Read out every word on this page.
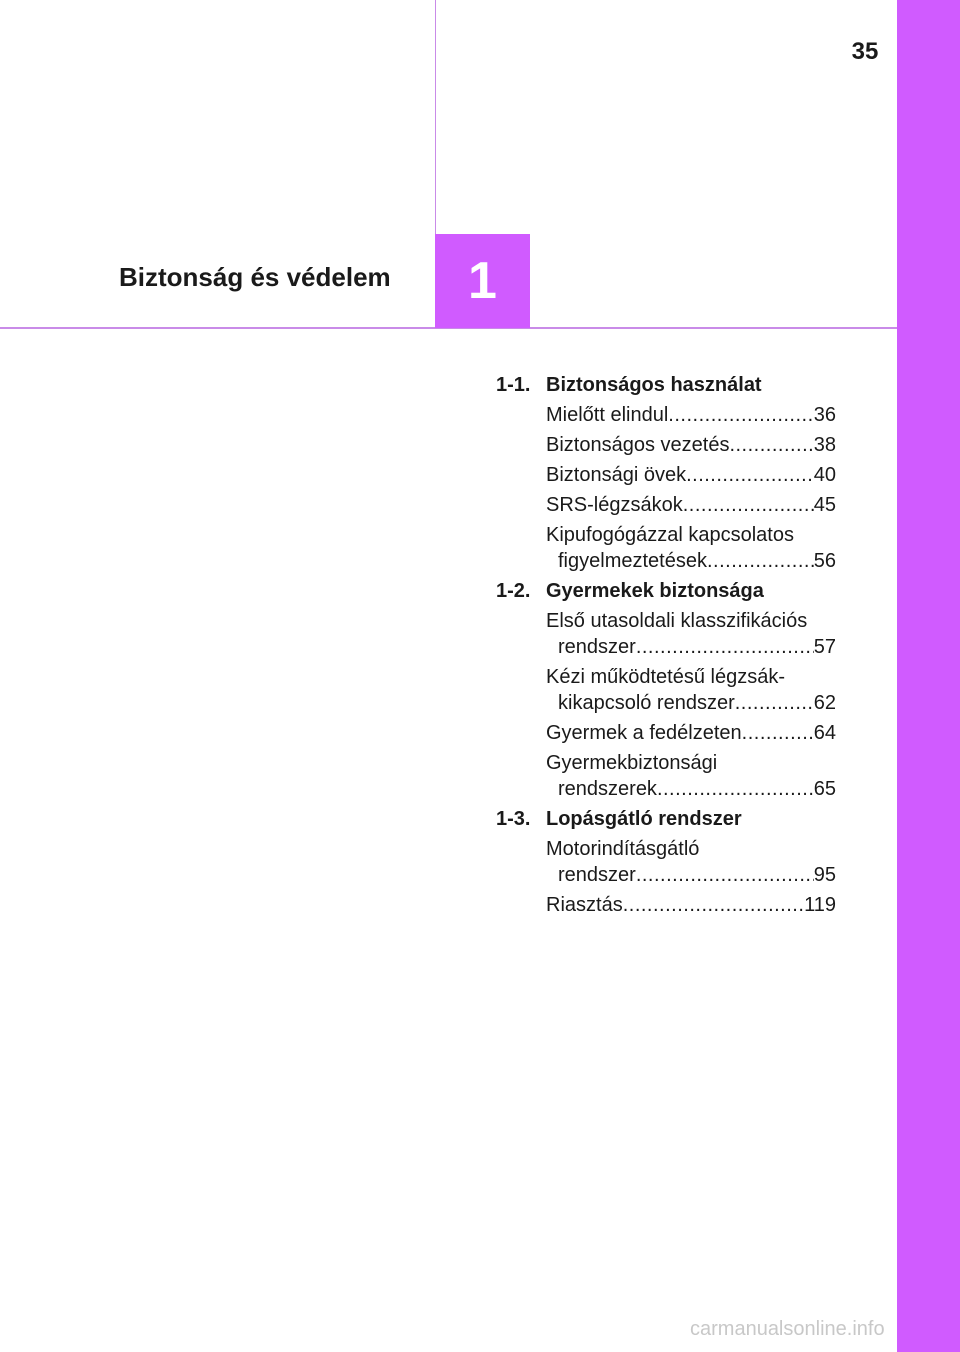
35
1
Biztonság és védelem
1-1. Biztonságos használat
Mielőtt elindul .....	36
Biztonságos vezetés .....	38
Biztonsági övek .....	40
SRS-légzsákok .....	45
Kipufogógázzal kapcsolatos
figyelmeztetések .....	56
1-2. Gyermekek biztonsága
Első utasoldali klasszifikációs
rendszer .....	57
Kézi működtetésű légzsák-
kikapcsoló rendszer .....	62
Gyermek a fedélzeten .....	64
Gyermekbiztonsági
rendszerek .....	65
1-3. Lopásgátló rendszer
Motorindításgátló
rendszer .....	95
Riasztás .....	119
carmanualsonline.info
